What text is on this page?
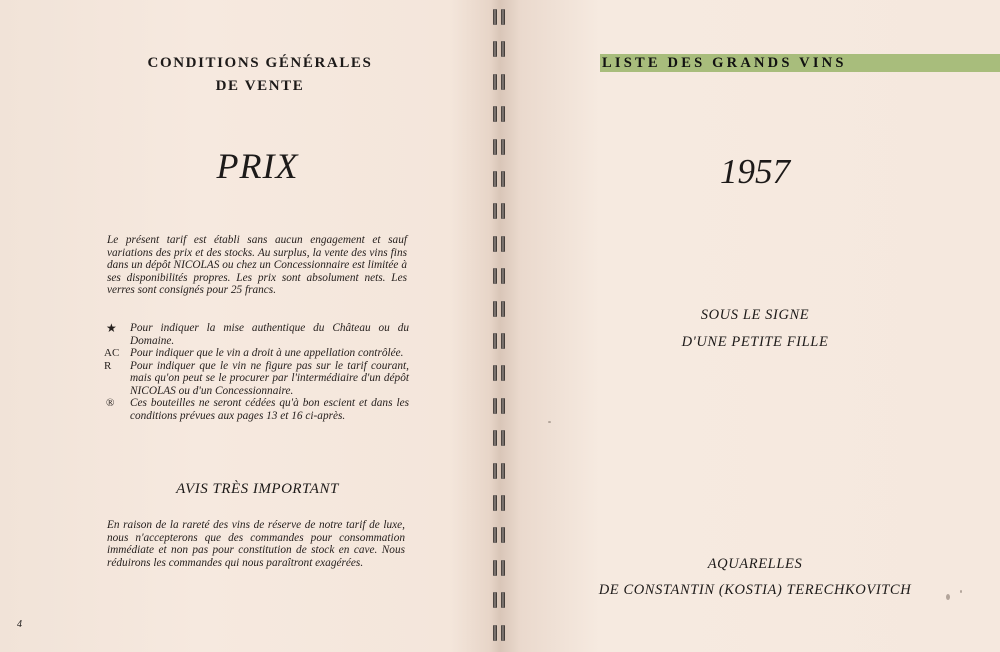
CONDITIONS GÉNÉRALES
DE VENTE
PRIX

Le présent tarif est établi sans aucun engagement et sauf variations des prix et des stocks. Au surplus, la vente des vins fins dans un dépôt NICOLAS ou chez un Concessionnaire est limitée à ses disponibilités propres. Les prix sont absolument nets. Les verres sont consignés pour 25 francs.

★	Pour indiquer la mise authentique du Château ou du Domaine.
AC Pour indiquer que le vin a droit à une appellation contrôlée.
R	Pour indiquer que le vin ne figure pas sur le tarif courant, mais qu'on peut se le procurer par l'intermédiaire d'un dépôt NICOLAS ou d'un Concessionnaire.
®	Ces bouteilles ne seront cédées qu'à bon escient et dans les conditions prévues aux pages 13 et 16 ci-après.
AVIS TRÈS IMPORTANT

En raison de la rareté des vins de réserve de notre tarif de luxe, nous n'accepterons que des commandes pour consommation immédiate et non pas pour constitution de stock en cave. Nous réduirons les commandes qui nous paraîtront exagérées.

4
LISTE DES GRANDS VINS
1957
SOUS LE SIGNE
D'UNE PETITE FILLE
AQUARELLES
DE CONSTANTIN (KOSTIA) TERECHKOVITCH
